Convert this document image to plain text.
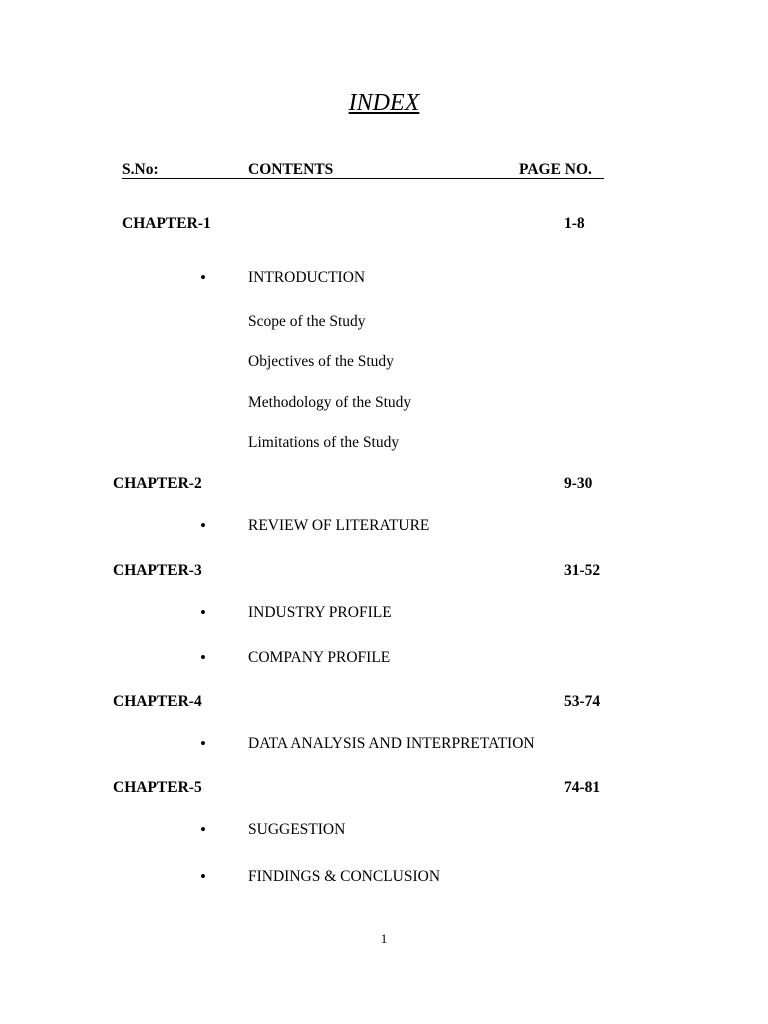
INDEX
S.No:	CONTENTS	PAGE NO.
CHAPTER-1	1-8
•
INTRODUCTION
Scope of the Study
Objectives of the Study
Methodology of the Study
Limitations of the Study
CHAPTER-2	9-30
•
REVIEW OF LITERATURE
CHAPTER-3	31-52
•
INDUSTRY PROFILE
•
COMPANY PROFILE
CHAPTER-4	53-74
•
DATA ANALYSIS AND INTERPRETATION
CHAPTER-5	74-81
•
SUGGESTION
•
FINDINGS & CONCLUSION
1
